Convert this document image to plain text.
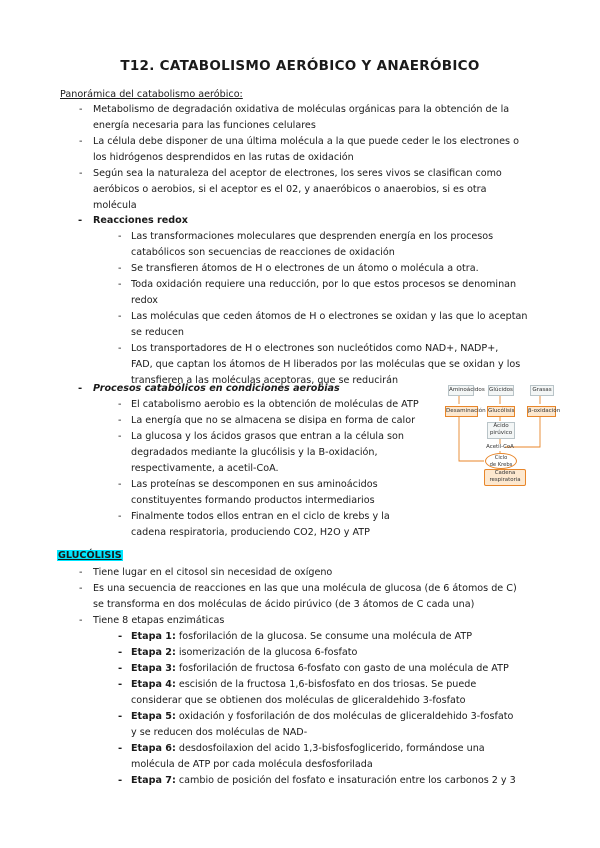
T12. CATABOLISMO AERÓBICO Y ANAERÓBICO
Panorámica del catabolismo aeróbico:
- Metabolismo de degradación oxidativa de moléculas orgánicas para la obtención de la
energía necesaria para las funciones celulares
- La célula debe disponer de una última molécula a la que puede ceder le los electrones o
los hidrógenos desprendidos en las rutas de oxidación
- Según sea la naturaleza del aceptor de electrones, los seres vivos se clasifican como
aeróbicos o aerobios, si el aceptor es el 02, y anaeróbicos o anaerobios, si es otra
molécula
- Reacciones redox
- Las transformaciones moleculares que desprenden energía en los procesos
catabólicos son secuencias de reacciones de oxidación
- Se transfieren átomos de H o electrones de un átomo o molécula a otra.
- Toda oxidación requiere una reducción, por lo que estos procesos se denominan
redox
- Las moléculas que ceden átomos de H o electrones se oxidan y las que lo aceptan
se reducen
- Los transportadores de H o electrones son nucleótidos como NAD+, NADP+,
FAD, que captan los átomos de H liberados por las moléculas que se oxidan y los
transfieren a las moléculas aceptoras, que se reducirán
- Procesos catabólicos en condiciones aerobias
- El catabolismo aerobio es la obtención de moléculas de ATP
- La energía que no se almacena se disipa en forma de calor
- La glucosa y los ácidos grasos que entran a la célula son
degradados mediante la glucólisis y la B-oxidación,
respectivamente, a acetil-CoA.
- Las proteínas se descomponen en sus aminoácidos
constituyentes formando productos intermediarios
- Finalmente todos ellos entran en el ciclo de krebs y la
cadena respiratoria, produciendo CO2, H2O y ATP
Aminoácidos Glúcidos	Grasas
Desaminación Glucólisis β-oxidación
Ácido
pirúvico
Acetil-CoA
Ciclo
de Krebs
Cadena
respiratoria
GLUCÓLISIS
- Tiene lugar en el citosol sin necesidad de oxígeno
- Es una secuencia de reacciones en las que una molécula de glucosa (de 6 átomos de C)
se transforma en dos moléculas de ácido pirúvico (de 3 átomos de C cada una)
- Tiene 8 etapas enzimáticas
- Etapa 1: fosforilación de la glucosa. Se consume una molécula de ATP
- Etapa 2: isomerización de la glucosa 6-fosfato
- Etapa 3: fosforilación de fructosa 6-fosfato con gasto de una molécula de ATP
- Etapa 4: escisión de la fructosa 1,6-bisfosfato en dos triosas. Se puede
considerar que se obtienen dos moléculas de gliceraldehido 3-fosfato
- Etapa 5: oxidación y fosforilación de dos moléculas de gliceraldehido 3-fosfato
y se reducen dos moléculas de NAD-
- Etapa 6: desdosfoilaxion del acido 1,3-bisfosfoglicerido, formándose una
molécula de ATP por cada molécula desfosforilada
- Etapa 7: cambio de posición del fosfato e insaturación entre los carbonos 2 y 3
